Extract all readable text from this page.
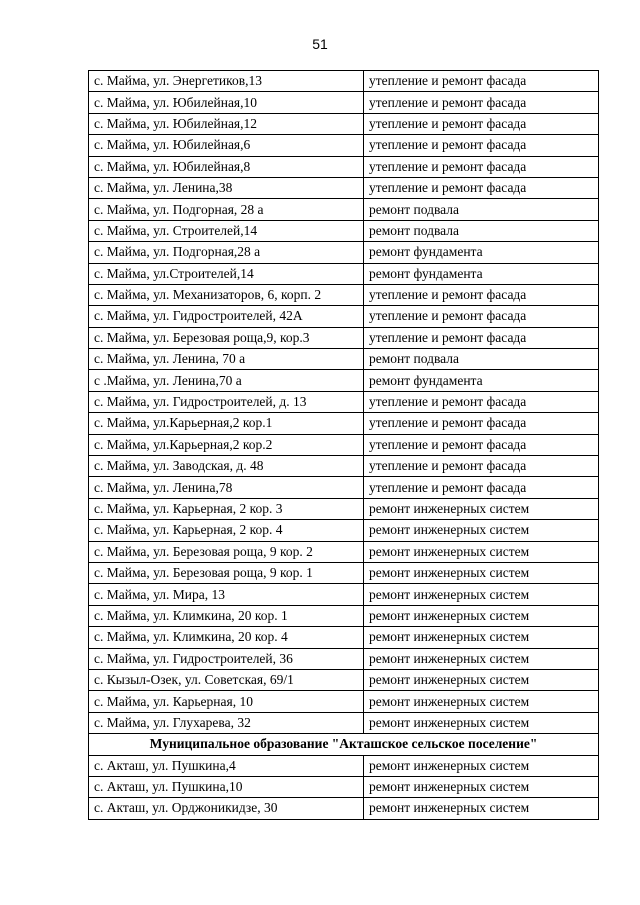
51
с. Майма, ул. Энергетиков,13	утепление и ремонт фасада
с. Майма, ул. Юбилейная,10	утепление и ремонт фасада
с. Майма, ул. Юбилейная,12	утепление и ремонт фасада
с. Майма, ул. Юбилейная,6	утепление и ремонт фасада
с. Майма, ул. Юбилейная,8	утепление и ремонт фасада
с. Майма, ул. Ленина,38	утепление и ремонт фасада
с. Майма, ул. Подгорная, 28 а	ремонт подвала
с. Майма, ул. Строителей,14	ремонт подвала
с. Майма, ул. Подгорная,28 а	ремонт фундамента
с. Майма, ул.Строителей,14	ремонт фундамента
с. Майма, ул. Механизаторов, 6, корп. 2	утепление и ремонт фасада
с. Майма, ул. Гидростроителей, 42А	утепление и ремонт фасада
с. Майма, ул. Березовая роща,9, кор.3	утепление и ремонт фасада
с. Майма, ул. Ленина, 70 а	ремонт подвала
с .Майма, ул. Ленина,70 а	ремонт фундамента
с. Майма, ул. Гидростроителей, д. 13	утепление и ремонт фасада
с. Майма, ул.Карьерная,2 кор.1	утепление и ремонт фасада
с. Майма, ул.Карьерная,2 кор.2	утепление и ремонт фасада
с. Майма, ул. Заводская, д. 48	утепление и ремонт фасада
с. Майма, ул. Ленина,78	утепление и ремонт фасада
с. Майма, ул. Карьерная, 2 кор. 3	ремонт инженерных систем
с. Майма, ул. Карьерная, 2 кор. 4	ремонт инженерных систем
с. Майма, ул. Березовая роща, 9 кор. 2	ремонт инженерных систем
с. Майма, ул. Березовая роща, 9 кор. 1	ремонт инженерных систем
с. Майма, ул. Мира, 13	ремонт инженерных систем
с. Майма, ул. Климкина, 20 кор. 1	ремонт инженерных систем
с. Майма, ул. Климкина, 20 кор. 4	ремонт инженерных систем
с. Майма, ул. Гидростроителей, 36	ремонт инженерных систем
с. Кызыл-Озек, ул. Советская, 69/1	ремонт инженерных систем
с. Майма, ул. Карьерная, 10	ремонт инженерных систем
с. Майма, ул. Глухарева, 32	ремонт инженерных систем
Муниципальное образование "Акташское сельское поселение"	
с. Акташ, ул. Пушкина,4	ремонт инженерных систем
с. Акташ, ул. Пушкина,10	ремонт инженерных систем
с. Акташ, ул. Орджоникидзе, 30	ремонт инженерных систем
